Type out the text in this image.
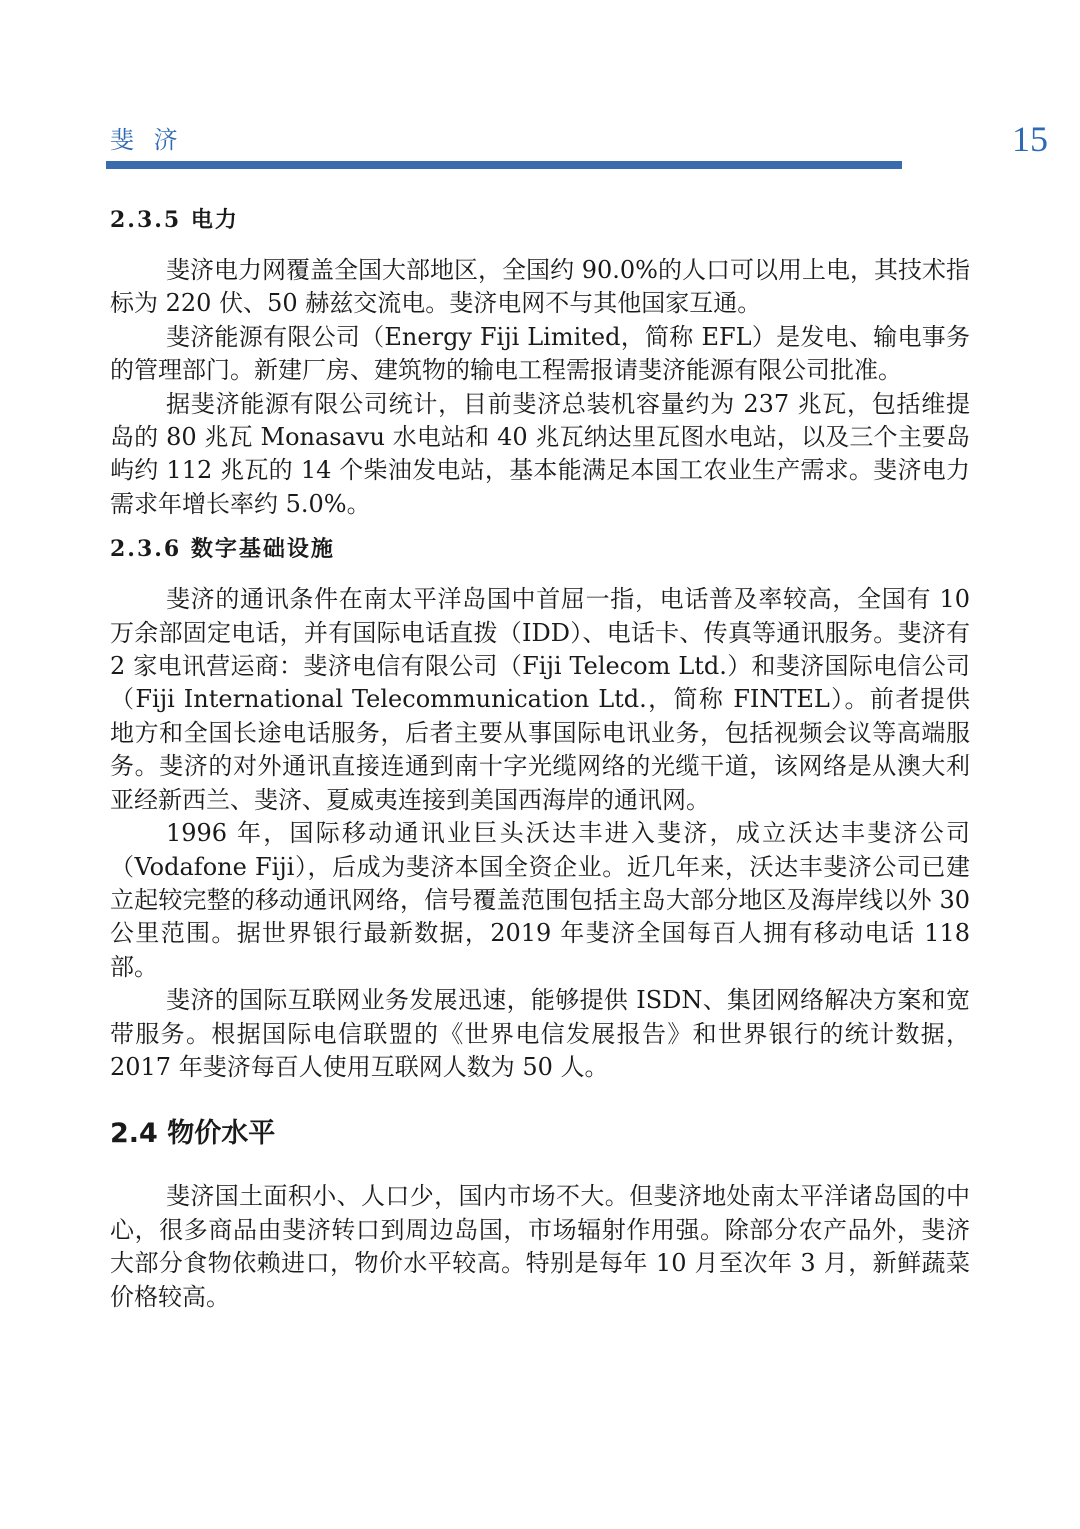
斐 济	15
2.3.5 电力

斐济电力网覆盖全国大部地区，全国约 90.0%的人口可以用上电，其技术指标为 220 伏、50 赫兹交流电。斐济电网不与其他国家互通。

斐济能源有限公司（Energy Fiji Limited，简称 EFL）是发电、输电事务的管理部门。新建厂房、建筑物的输电工程需报请斐济能源有限公司批准。

据斐济能源有限公司统计，目前斐济总装机容量约为 237 兆瓦，包括维提岛的 80 兆瓦 Monasavu 水电站和 40 兆瓦纳达里瓦图水电站，以及三个主要岛屿约 112 兆瓦的 14 个柴油发电站，基本能满足本国工农业生产需求。斐济电力需求年增长率约 5.0%。

2.3.6 数字基础设施

斐济的通讯条件在南太平洋岛国中首屈一指，电话普及率较高，全国有 10 万余部固定电话，并有国际电话直拨（IDD）、电话卡、传真等通讯服务。斐济有 2 家电讯营运商：斐济电信有限公司（Fiji Telecom Ltd.）和斐济国际电信公司（Fiji International Telecommunication Ltd.，简称 FINTEL）。前者提供地方和全国长途电话服务，后者主要从事国际电讯业务，包括视频会议等高端服务。斐济的对外通讯直接连通到南十字光缆网络的光缆干道，该网络是从澳大利亚经新西兰、斐济、夏威夷连接到美国西海岸的通讯网。

1996 年，国际移动通讯业巨头沃达丰进入斐济，成立沃达丰斐济公司（Vodafone Fiji），后成为斐济本国全资企业。近几年来，沃达丰斐济公司已建立起较完整的移动通讯网络，信号覆盖范围包括主岛大部分地区及海岸线以外 30 公里范围。据世界银行最新数据，2019 年斐济全国每百人拥有移动电话 118 部。

斐济的国际互联网业务发展迅速，能够提供 ISDN、集团网络解决方案和宽带服务。根据国际电信联盟的《世界电信发展报告》和世界银行的统计数据，2017 年斐济每百人使用互联网人数为 50 人。

2.4 物价水平

斐济国土面积小、人口少，国内市场不大。但斐济地处南太平洋诸岛国的中心，很多商品由斐济转口到周边岛国，市场辐射作用强。除部分农产品外，斐济大部分食物依赖进口，物价水平较高。特别是每年 10 月至次年 3 月，新鲜蔬菜价格较高。
